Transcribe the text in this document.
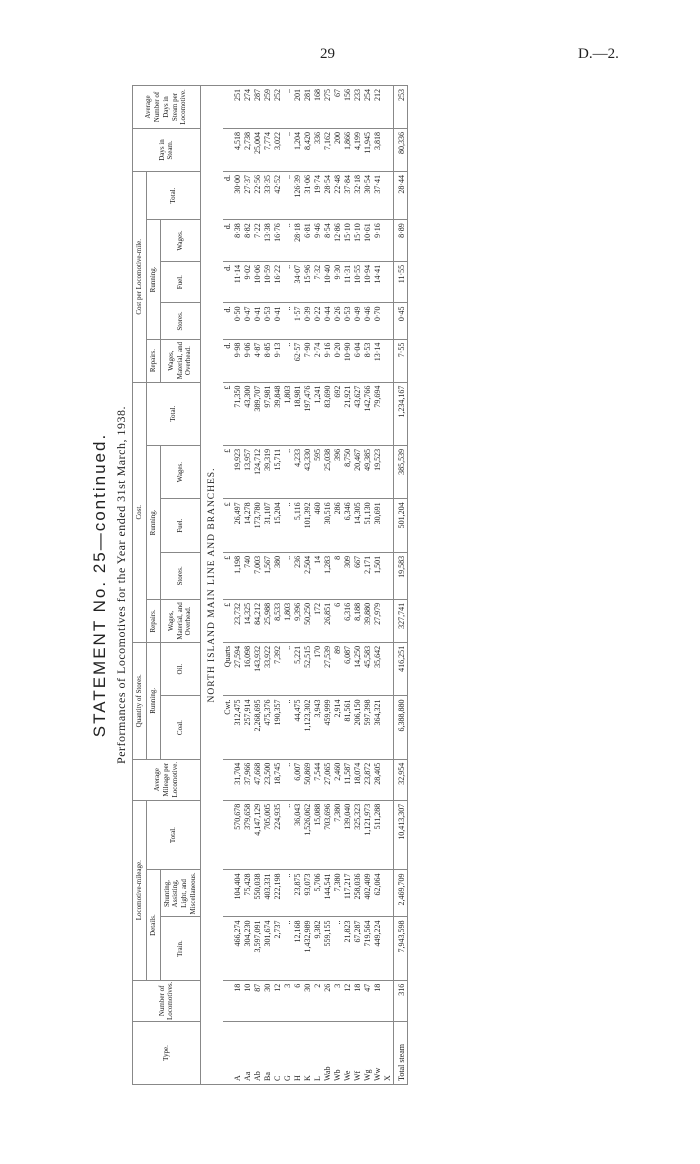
29	D.—2.
STATEMENT No. 25—continued. Performances of Locomotives for the Year ended 31st March, 1938.
Type.	Number of Locomotives.	Locomotive-mileage.			Average Mileage per Locomotive.	Quantity of Stores.		Cost.					Cost per Locomotive-mile.					Days in Steam.	Average Number of Days in Steam per Locomotive.
		Details.		Total.		Running.		Repairs.	Running.			Total.	Repairs.	Running.			Total.		
		Train.	Shunting, Assisting, Light, and Miscellaneous.			Coal.	Oil.	Wages, Material, and Overhead.	Stores.	Fuel.	Wages.		Wages, Material, and Overhead.	Stores.	Fuel.	Wages.			
NORTH ISLAND MAIN LINE AND BRANCHES.																			
						Cwt.	Quarts	£	£	£	£	£	d.	d.	d.	d.	d.		
A	18	466,274	104,404	570,678	31,704	312,475	27,594	23,732	1,198	26,497	19,923	71,350	9·98	0·50	11·14	8·38	30·00	4,518	251
Aa	10	304,230	75,428	379,658	37,966	257,914	16,098	14,325	740	14,278	13,957	43,300	9·06	0·47	9·02	8·82	27·37	2,738	274
Ab	87	3,597,091	550,038	4,147,129	47,668	2,268,695	143,932	84,212	7,003	173,780	124,712	389,707	4·87	0·41	10·06	7·22	22·56	25,004	287
Ba	30	301,674	403,331	705,005	23,500	475,376	33,922	25,988	1,567	31,107	39,319	97,981	8·85	0·53	10·59	13·38	33·35	7,774	259
C	12	2,737	222,198	224,935	18,745	190,357	7,392	8,533	380	15,204	15,711	39,848	9·13	0·41	16·22	16·76	42·52	3,022	252
G	3	..	..	..	..	..	..	1,803	..	..	..	1,803	..	..	..	..	..	..	..
H	6	12,168	23,875	36,043	6,007	44,475	5,221	9,396	236	5,116	4,233	18,981	62·57	1·57	34·07	28·18	126·39	1,204	201
K	30	1,432,989	93,073	1,526,062	50,869	1,123,302	52,515	50,250	2,504	101,392	43,330	197,476	7·90	0·39	15·96	6·81	31·06	8,420	281
L	2	9,382	5,706	15,088	7,544	3,943	170	172	14	460	595	1,241	2·74	0·22	7·32	9·46	19·74	336	168
Wab	26	559,155	144,541	703,696	27,065	459,999	27,539	26,851	1,283	30,516	25,038	83,690	9·16	0·44	10·40	8·54	28·54	7,162	275
Wb	3	..	7,380	7,380	2,460	2,914	89	6	8	286	396	692	0·20	0·26	9·30	12·86	22·48	200	67
We	12	21,823	117,217	139,040	11,587	81,561	6,087	6,316	309	6,346	8,750	21,921	10·90	0·53	11·31	15·10	37·84	1,866	156
Wf	18	67,287	258,036	325,323	18,074	206,150	14,250	8,188	667	14,305	20,467	43,627	6·04	0·49	10·55	15·10	32·18	4,199	233
Wg	47	719,564	402,409	1,121,973	23,872	597,398	45,583	39,880	2,171	51,130	49,385	142,766	8·53	0·46	10·94	10·61	30·54	11,945	254
Ww	18	449,224	62,064	511,288	28,405	364,321	35,642	27,979	1,501	30,691	19,523	79,694	13·14	0·70	14·41	9·16	37·41	3,818	212
X																			
Total steam	316	7,943,598	2,469,709	10,413,307	32,954	6,388,880	416,251	327,741	19,583	501,204	385,539	1,234,167	7·55	0·45	11·55	8·89	28·44	80,336	253
